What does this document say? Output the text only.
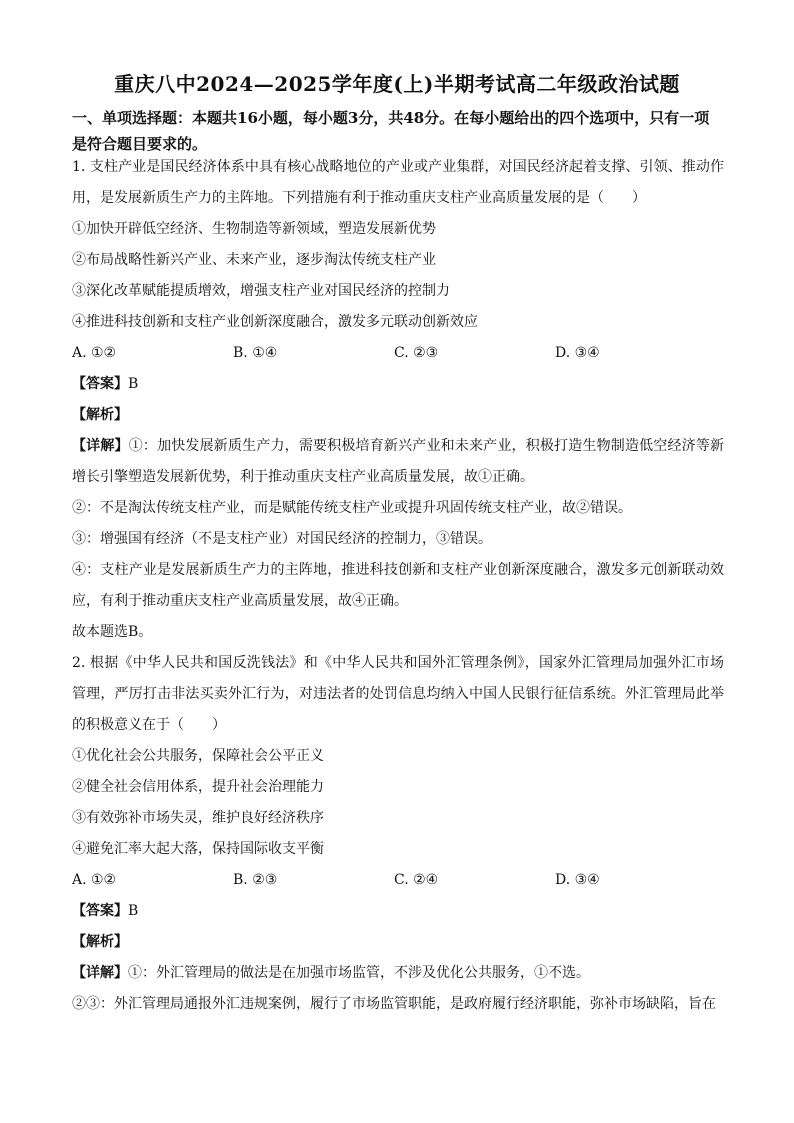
重庆八中2024—2025学年度(上)半期考试高二年级政治试题
一、单项选择题：本题共16小题，每小题3分，共48分。在每小题给出的四个选项中，只有一项是符合题目要求的。
1. 支柱产业是国民经济体系中具有核心战略地位的产业或产业集群，对国民经济起着支撑、引领、推动作用，是发展新质生产力的主阵地。下列措施有利于推动重庆支柱产业高质量发展的是（　　）
①加快开辟低空经济、生物制造等新领域，塑造发展新优势
②布局战略性新兴产业、未来产业，逐步淘汰传统支柱产业
③深化改革赋能提质增效，增强支柱产业对国民经济的控制力
④推进科技创新和支柱产业创新深度融合，激发多元联动创新效应
A. ①②	B. ①④	C. ②③	D. ③④
【答案】B
【解析】
【详解】①：加快发展新质生产力，需要积极培育新兴产业和未来产业，积极打造生物制造低空经济等新增长引擎塑造发展新优势，利于推动重庆支柱产业高质量发展，故①正确。
②：不是淘汰传统支柱产业，而是赋能传统支柱产业或提升巩固传统支柱产业，故②错误。
③：增强国有经济（不是支柱产业）对国民经济的控制力，③错误。
④：支柱产业是发展新质生产力的主阵地，推进科技创新和支柱产业创新深度融合，激发多元创新联动效应，有利于推动重庆支柱产业高质量发展，故④正确。
故本题选B。
2. 根据《中华人民共和国反洗钱法》和《中华人民共和国外汇管理条例》，国家外汇管理局加强外汇市场管理，严厉打击非法买卖外汇行为，对违法者的处罚信息均纳入中国人民银行征信系统。外汇管理局此举的积极意义在于（　　）
①优化社会公共服务，保障社会公平正义
②健全社会信用体系，提升社会治理能力
③有效弥补市场失灵，维护良好经济秩序
④避免汇率大起大落，保持国际收支平衡
A. ①②	B. ②③	C. ②④	D. ③④
【答案】B
【解析】
【详解】①：外汇管理局的做法是在加强市场监管，不涉及优化公共服务，①不选。
②③：外汇管理局通报外汇违规案例，履行了市场监管职能，是政府履行经济职能，弥补市场缺陷，旨在
